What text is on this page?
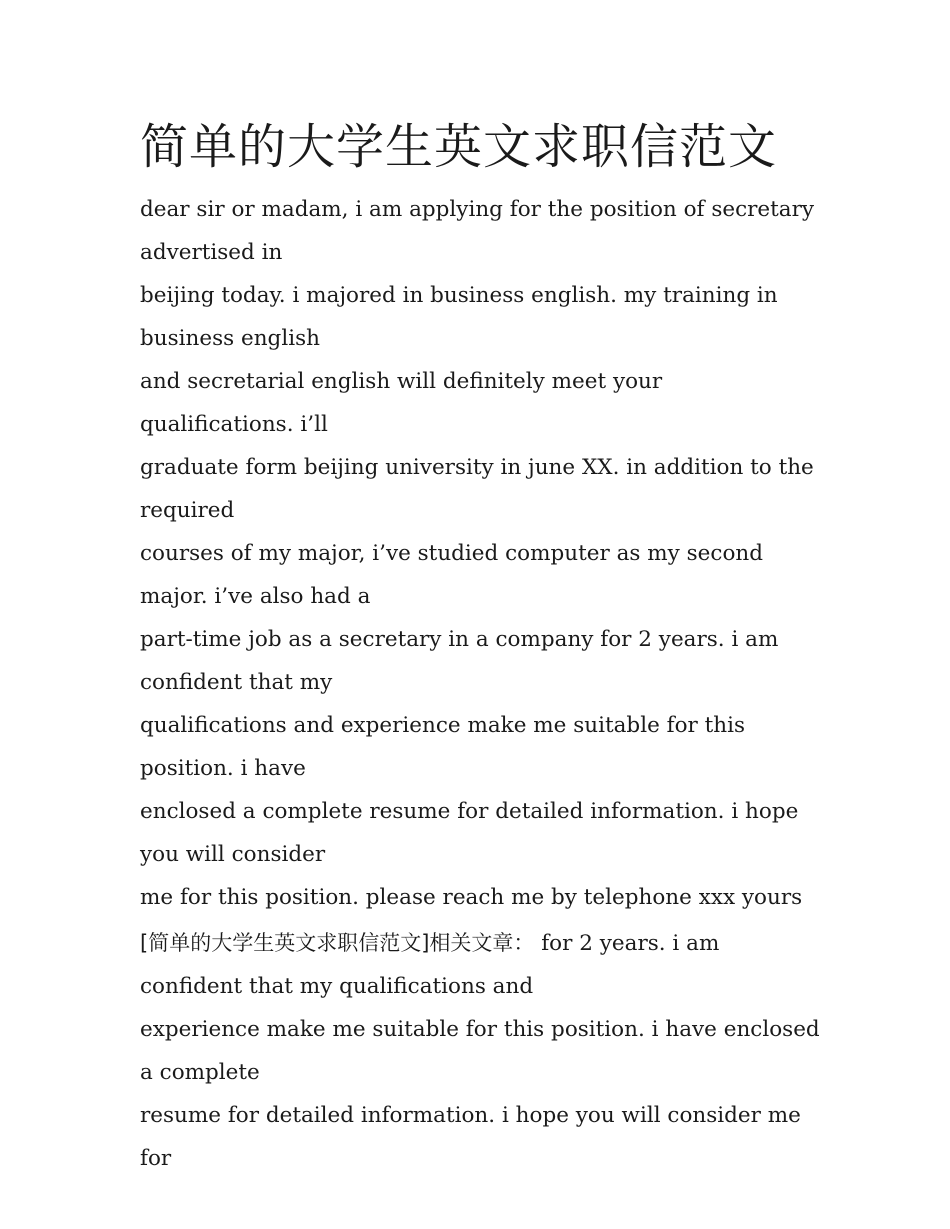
简单的大学生英文求职信范文

dear sir or madam, i am applying for the position of secretary advertised in

beijing today. i majored in business english. my training in business english

and secretarial english will definitely meet your qualifications. i’ll

graduate form beijing university in june XX. in addition to the required

courses of my major, i’ve studied computer as my second major. i’ve also had a

part-time job as a secretary in a company for 2 years. i am confident that my

qualifications and experience make me suitable for this position. i have

enclosed a complete resume for detailed information. i hope you will consider

me for this position. please reach me by telephone xxx yours

[简单的大学生英文求职信范文]相关文章： for 2 years. i am confident that my qualifications and

experience make me suitable for this position. i have enclosed a complete

resume for detailed information. i hope you will consider me for
